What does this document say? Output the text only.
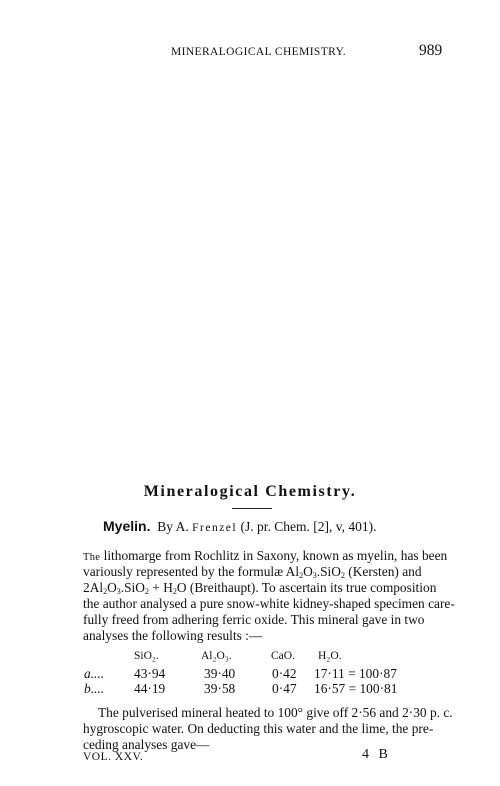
MINERALOGICAL CHEMISTRY.	989
Mineralogical Chemistry.
Myelin. By A. Frenzel (J. pr. Chem. [2], v, 401).
The lithomarge from Rochlitz in Saxony, known as myelin, has been
variously represented by the formulæ $Al_2O_3.SiO_2$ (Kersten) and
$2Al_2O_3.SiO_2 + H_2O$ (Breithaupt). To ascertain its true composition
the author analysed a pure snow-white kidney-shaped specimen care-
fully freed from adhering ferric oxide. This mineral gave in two
analyses the following results :—
SiO₂.	Al₂O₃.	CaO. H₂O.
a.... 43·94	39·40	0·42 17·11 = 100·87
b.... 44·19	39·58	0·47 16·57 = 100·81
The pulverised mineral heated to 100° give off 2·56 and 2·30 p. c.
hygroscopic water. On deducting this water and the lime, the pre-
ceding analyses gave—
VOL. XXV.	4 B
